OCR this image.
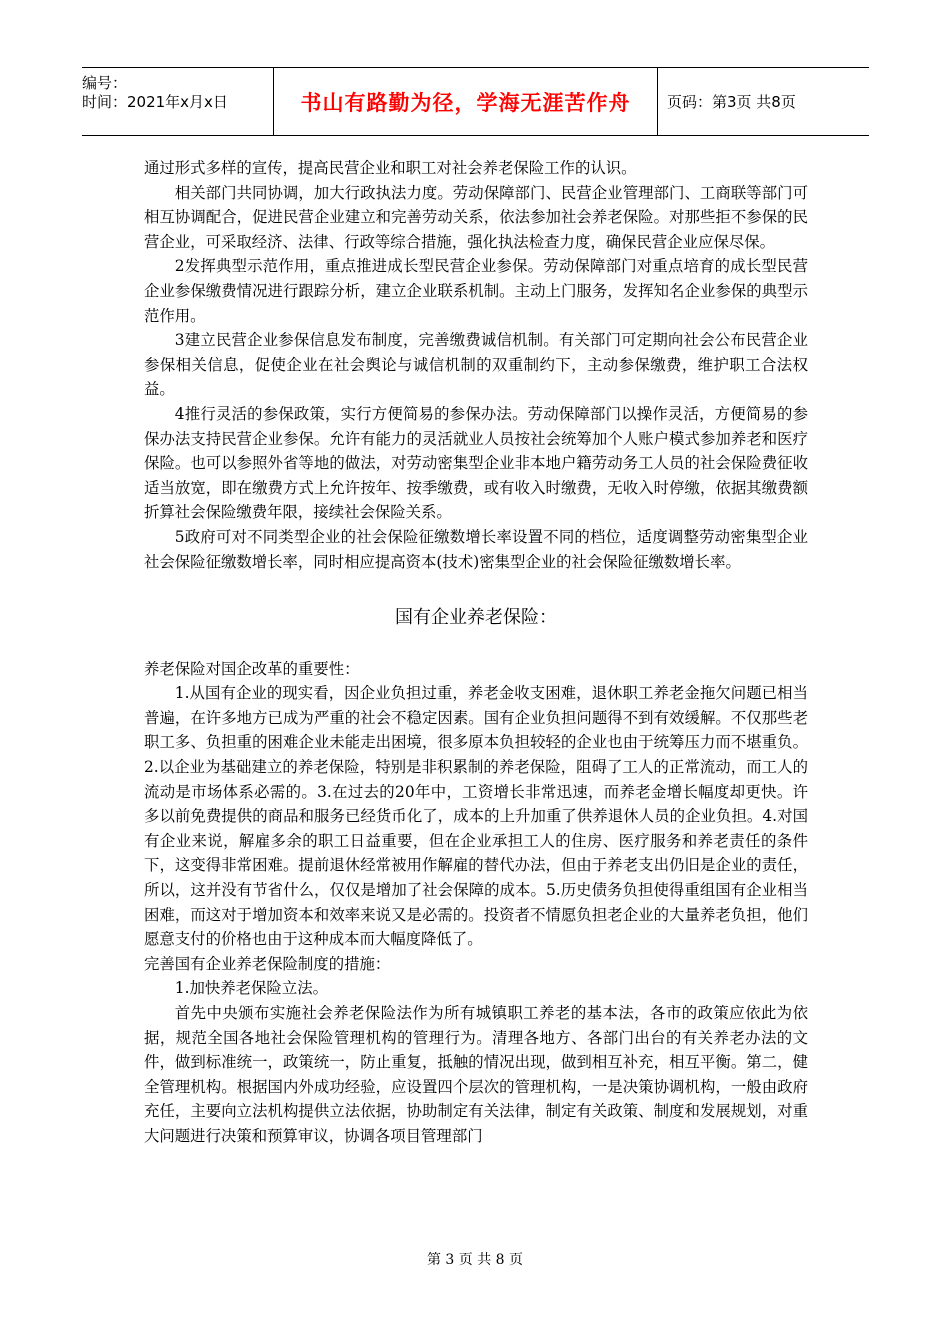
编号：
时间：2021年x月x日	书山有路勤为径，学海无涯苦作舟	页码：第3页 共8页

通过形式多样的宣传，提高民营企业和职工对社会养老保险工作的认识。

相关部门共同协调，加大行政执法力度。劳动保障部门、民营企业管理部门、工商联等部门可相互协调配合，促进民营企业建立和完善劳动关系，依法参加社会养老保险。对那些拒不参保的民营企业，可采取经济、法律、行政等综合措施，强化执法检查力度，确保民营企业应保尽保。

2发挥典型示范作用，重点推进成长型民营企业参保。劳动保障部门对重点培育的成长型民营企业参保缴费情况进行跟踪分析，建立企业联系机制。主动上门服务，发挥知名企业参保的典型示范作用。

3建立民营企业参保信息发布制度，完善缴费诚信机制。有关部门可定期向社会公布民营企业参保相关信息，促使企业在社会舆论与诚信机制的双重制约下，主动参保缴费，维护职工合法权益。

4推行灵活的参保政策，实行方便简易的参保办法。劳动保障部门以操作灵活，方便简易的参保办法支持民营企业参保。允许有能力的灵活就业人员按社会统筹加个人账户模式参加养老和医疗保险。也可以参照外省等地的做法，对劳动密集型企业非本地户籍劳动务工人员的社会保险费征收适当放宽，即在缴费方式上允许按年、按季缴费，或有收入时缴费，无收入时停缴，依据其缴费额折算社会保险缴费年限，接续社会保险关系。

5政府可对不同类型企业的社会保险征缴数增长率设置不同的档位，适度调整劳动密集型企业社会保险征缴数增长率，同时相应提高资本(技术)密集型企业的社会保险征缴数增长率。

国有企业养老保险：

养老保险对国企改革的重要性：

1.从国有企业的现实看，因企业负担过重，养老金收支困难，退休职工养老金拖欠问题已相当普遍，在许多地方已成为严重的社会不稳定因素。国有企业负担问题得不到有效缓解。不仅那些老职工多、负担重的困难企业未能走出困境，很多原本负担较轻的企业也由于统筹压力而不堪重负。2.以企业为基础建立的养老保险，特别是非积累制的养老保险，阻碍了工人的正常流动，而工人的流动是市场体系必需的。3.在过去的20年中，工资增长非常迅速，而养老金增长幅度却更快。许多以前免费提供的商品和服务已经货币化了，成本的上升加重了供养退休人员的企业负担。4.对国有企业来说，解雇多余的职工日益重要，但在企业承担工人的住房、医疗服务和养老责任的条件下，这变得非常困难。提前退休经常被用作解雇的替代办法，但由于养老支出仍旧是企业的责任，所以，这并没有节省什么，仅仅是增加了社会保障的成本。5.历史债务负担使得重组国有企业相当困难，而这对于增加资本和效率来说又是必需的。投资者不情愿负担老企业的大量养老负担，他们愿意支付的价格也由于这种成本而大幅度降低了。

完善国有企业养老保险制度的措施：

1.加快养老保险立法。

首先中央颁布实施社会养老保险法作为所有城镇职工养老的基本法，各市的政策应依此为依据，规范全国各地社会保险管理机构的管理行为。清理各地方、各部门出台的有关养老办法的文件，做到标准统一，政策统一，防止重复，抵触的情况出现，做到相互补充，相互平衡。第二，健全管理机构。根据国内外成功经验，应设置四个层次的管理机构，一是决策协调机构，一般由政府充任，主要向立法机构提供立法依据，协助制定有关法律，制定有关政策、制度和发展规划，对重大问题进行决策和预算审议，协调各项目管理部门

第 3 页 共 8 页
